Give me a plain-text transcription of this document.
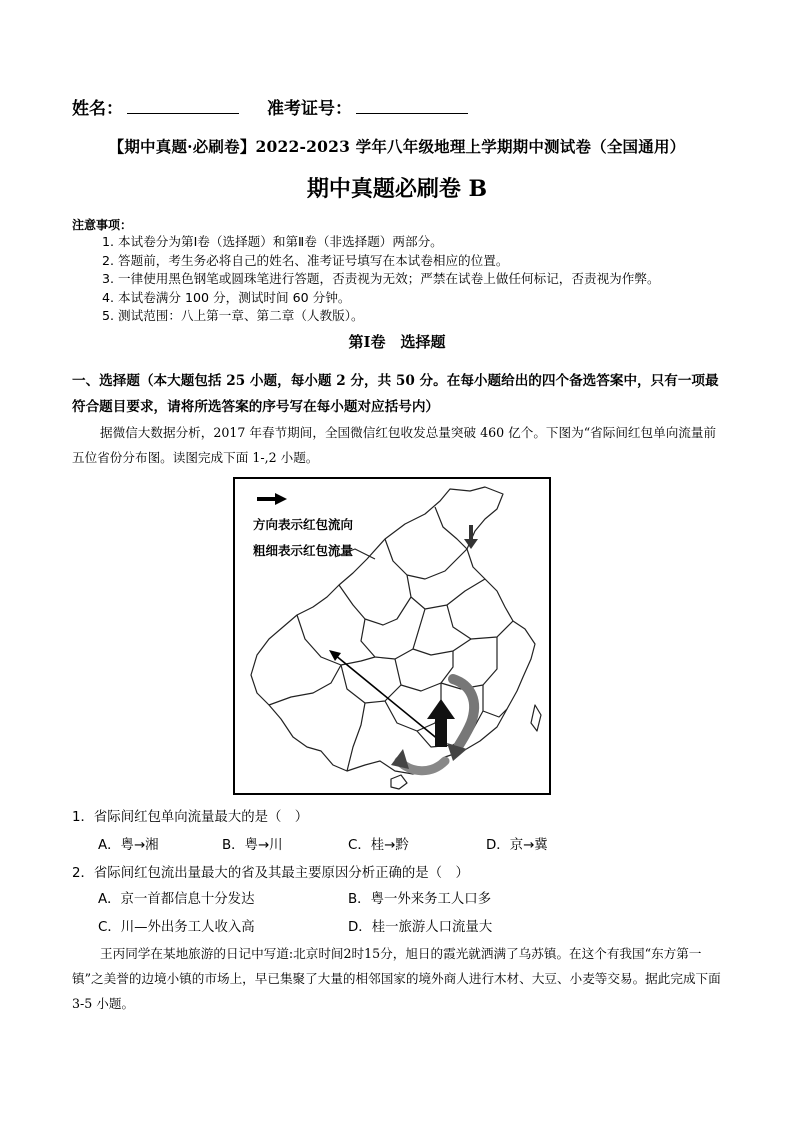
姓名：	准考证号：
【期中真题·必刷卷】2022-2023 学年八年级地理上学期期中测试卷（全国通用）
期中真题必刷卷 B
注意事项：
1. 本试卷分为第Ⅰ卷（选择题）和第Ⅱ卷（非选择题）两部分。
2. 答题前，考生务必将自己的姓名、准考证号填写在本试卷相应的位置。
3. 一律使用黑色钢笔或圆珠笔进行答题，否责视为无效；严禁在试卷上做任何标记，否责视为作弊。
4. 本试卷满分 100 分，测试时间 60 分钟。
5. 测试范围：八上第一章、第二章（人教版）。
第Ⅰ卷　选择题
一、选择题（本大题包括 25 小题，每小题 2 分，共 50 分。在每小题给出的四个备选答案中，只有一项最符合题目要求，请将所选答案的序号写在每小题对应括号内）
据微信大数据分析，2017 年春节期间，全国微信红包收发总量突破 460 亿个。下图为“省际间红包单向流量前五位省份分布图。读图完成下面 1-,2 小题。
方向表示红包流向
粗细表示红包流量
1．省际间红包单向流量最大的是（　）
A．粤→湘	B．粤→川	C．桂→黔	D．京→冀
2．省际间红包流出量最大的省及其最主要原因分析正确的是（　）
A．京一首都信息十分发达	B．粤一外来务工人口多
C．川—外出务工人收入高	D．桂一旅游人口流量大
王丙同学在某地旅游的日记中写道:北京时间2时15分，旭日的霞光就洒满了乌苏镇。在这个有我国“东方第一镇”之美誉的边境小镇的市场上，早已集聚了大量的相邻国家的境外商人进行木材、大豆、小麦等交易。据此完成下面 3-5 小题。
